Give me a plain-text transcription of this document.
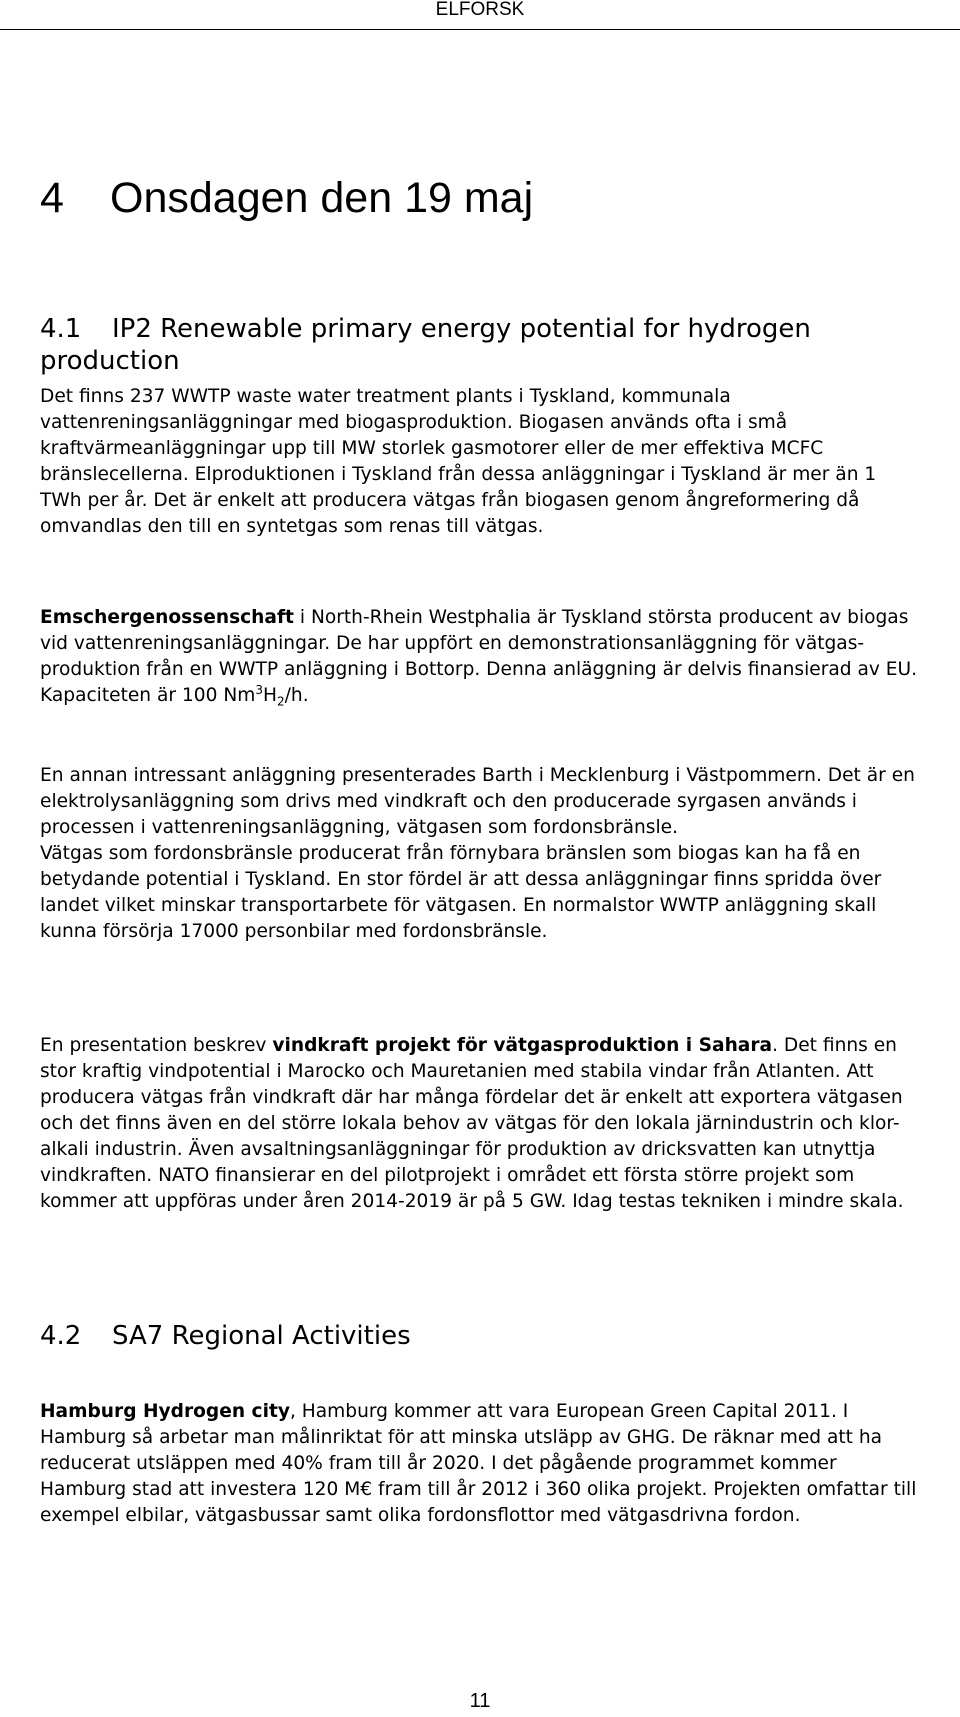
ELFORSK
4 Onsdagen den 19 maj
4.1 IP2 Renewable primary energy potential for hydrogen production

Det finns 237 WWTP waste water treatment plants i Tyskland, kommunala vattenreningsanläggningar med biogasproduktion. Biogasen används ofta i små kraftvärmeanläggningar upp till MW storlek gasmotorer eller de mer effektiva MCFC bränslecellerna. Elproduktionen i Tyskland från dessa anläggningar i Tyskland är mer än 1 TWh per år. Det är enkelt att producera vätgas från biogasen genom ångreformering då omvandlas den till en syntetgas som renas till vätgas.

Emschergenossenschaft i North-Rhein Westphalia är Tyskland största producent av biogas vid vattenreningsanläggningar. De har uppfört en demonstrationsanläggning för vätgas-produktion från en WWTP anläggning i Bottorp. Denna anläggning är delvis finansierad av EU. Kapaciteten är 100 $Nm^3H_2/h$.

En annan intressant anläggning presenterades Barth i Mecklenburg i Västpommern. Det är en elektrolysanläggning som drivs med vindkraft och den producerade syrgasen används i processen i vattenreningsanläggning, vätgasen som fordonsbränsle.
Vätgas som fordonsbränsle producerat från förnybara bränslen som biogas kan ha få en betydande potential i Tyskland. En stor fördel är att dessa anläggningar finns spridda över landet vilket minskar transportarbete för vätgasen. En normalstor WWTP anläggning skall kunna försörja 17000 personbilar med fordonsbränsle.

En presentation beskrev vindkraft projekt för vätgasproduktion i Sahara. Det finns en stor kraftig vindpotential i Marocko och Mauretanien med stabila vindar från Atlanten. Att producera vätgas från vindkraft där har många fördelar det är enkelt att exportera vätgasen och det finns även en del större lokala behov av vätgas för den lokala järnindustrin och klor-alkali industrin. Även avsaltningsanläggningar för produktion av dricksvatten kan utnyttja vindkraften. NATO finansierar en del pilotprojekt i området ett första större projekt som kommer att uppföras under åren 2014-2019 är på 5 GW. Idag testas tekniken i mindre skala.

4.2 SA7 Regional Activities

Hamburg Hydrogen city, Hamburg kommer att vara European Green Capital 2011. I Hamburg så arbetar man målinriktat för att minska utsläpp av GHG. De räknar med att ha reducerat utsläppen med 40% fram till år 2020. I det pågående programmet kommer Hamburg stad att investera 120 M€ fram till år 2012 i 360 olika projekt. Projekten omfattar till exempel elbilar, vätgasbussar samt olika fordonsflottor med vätgasdrivna fordon.

11
